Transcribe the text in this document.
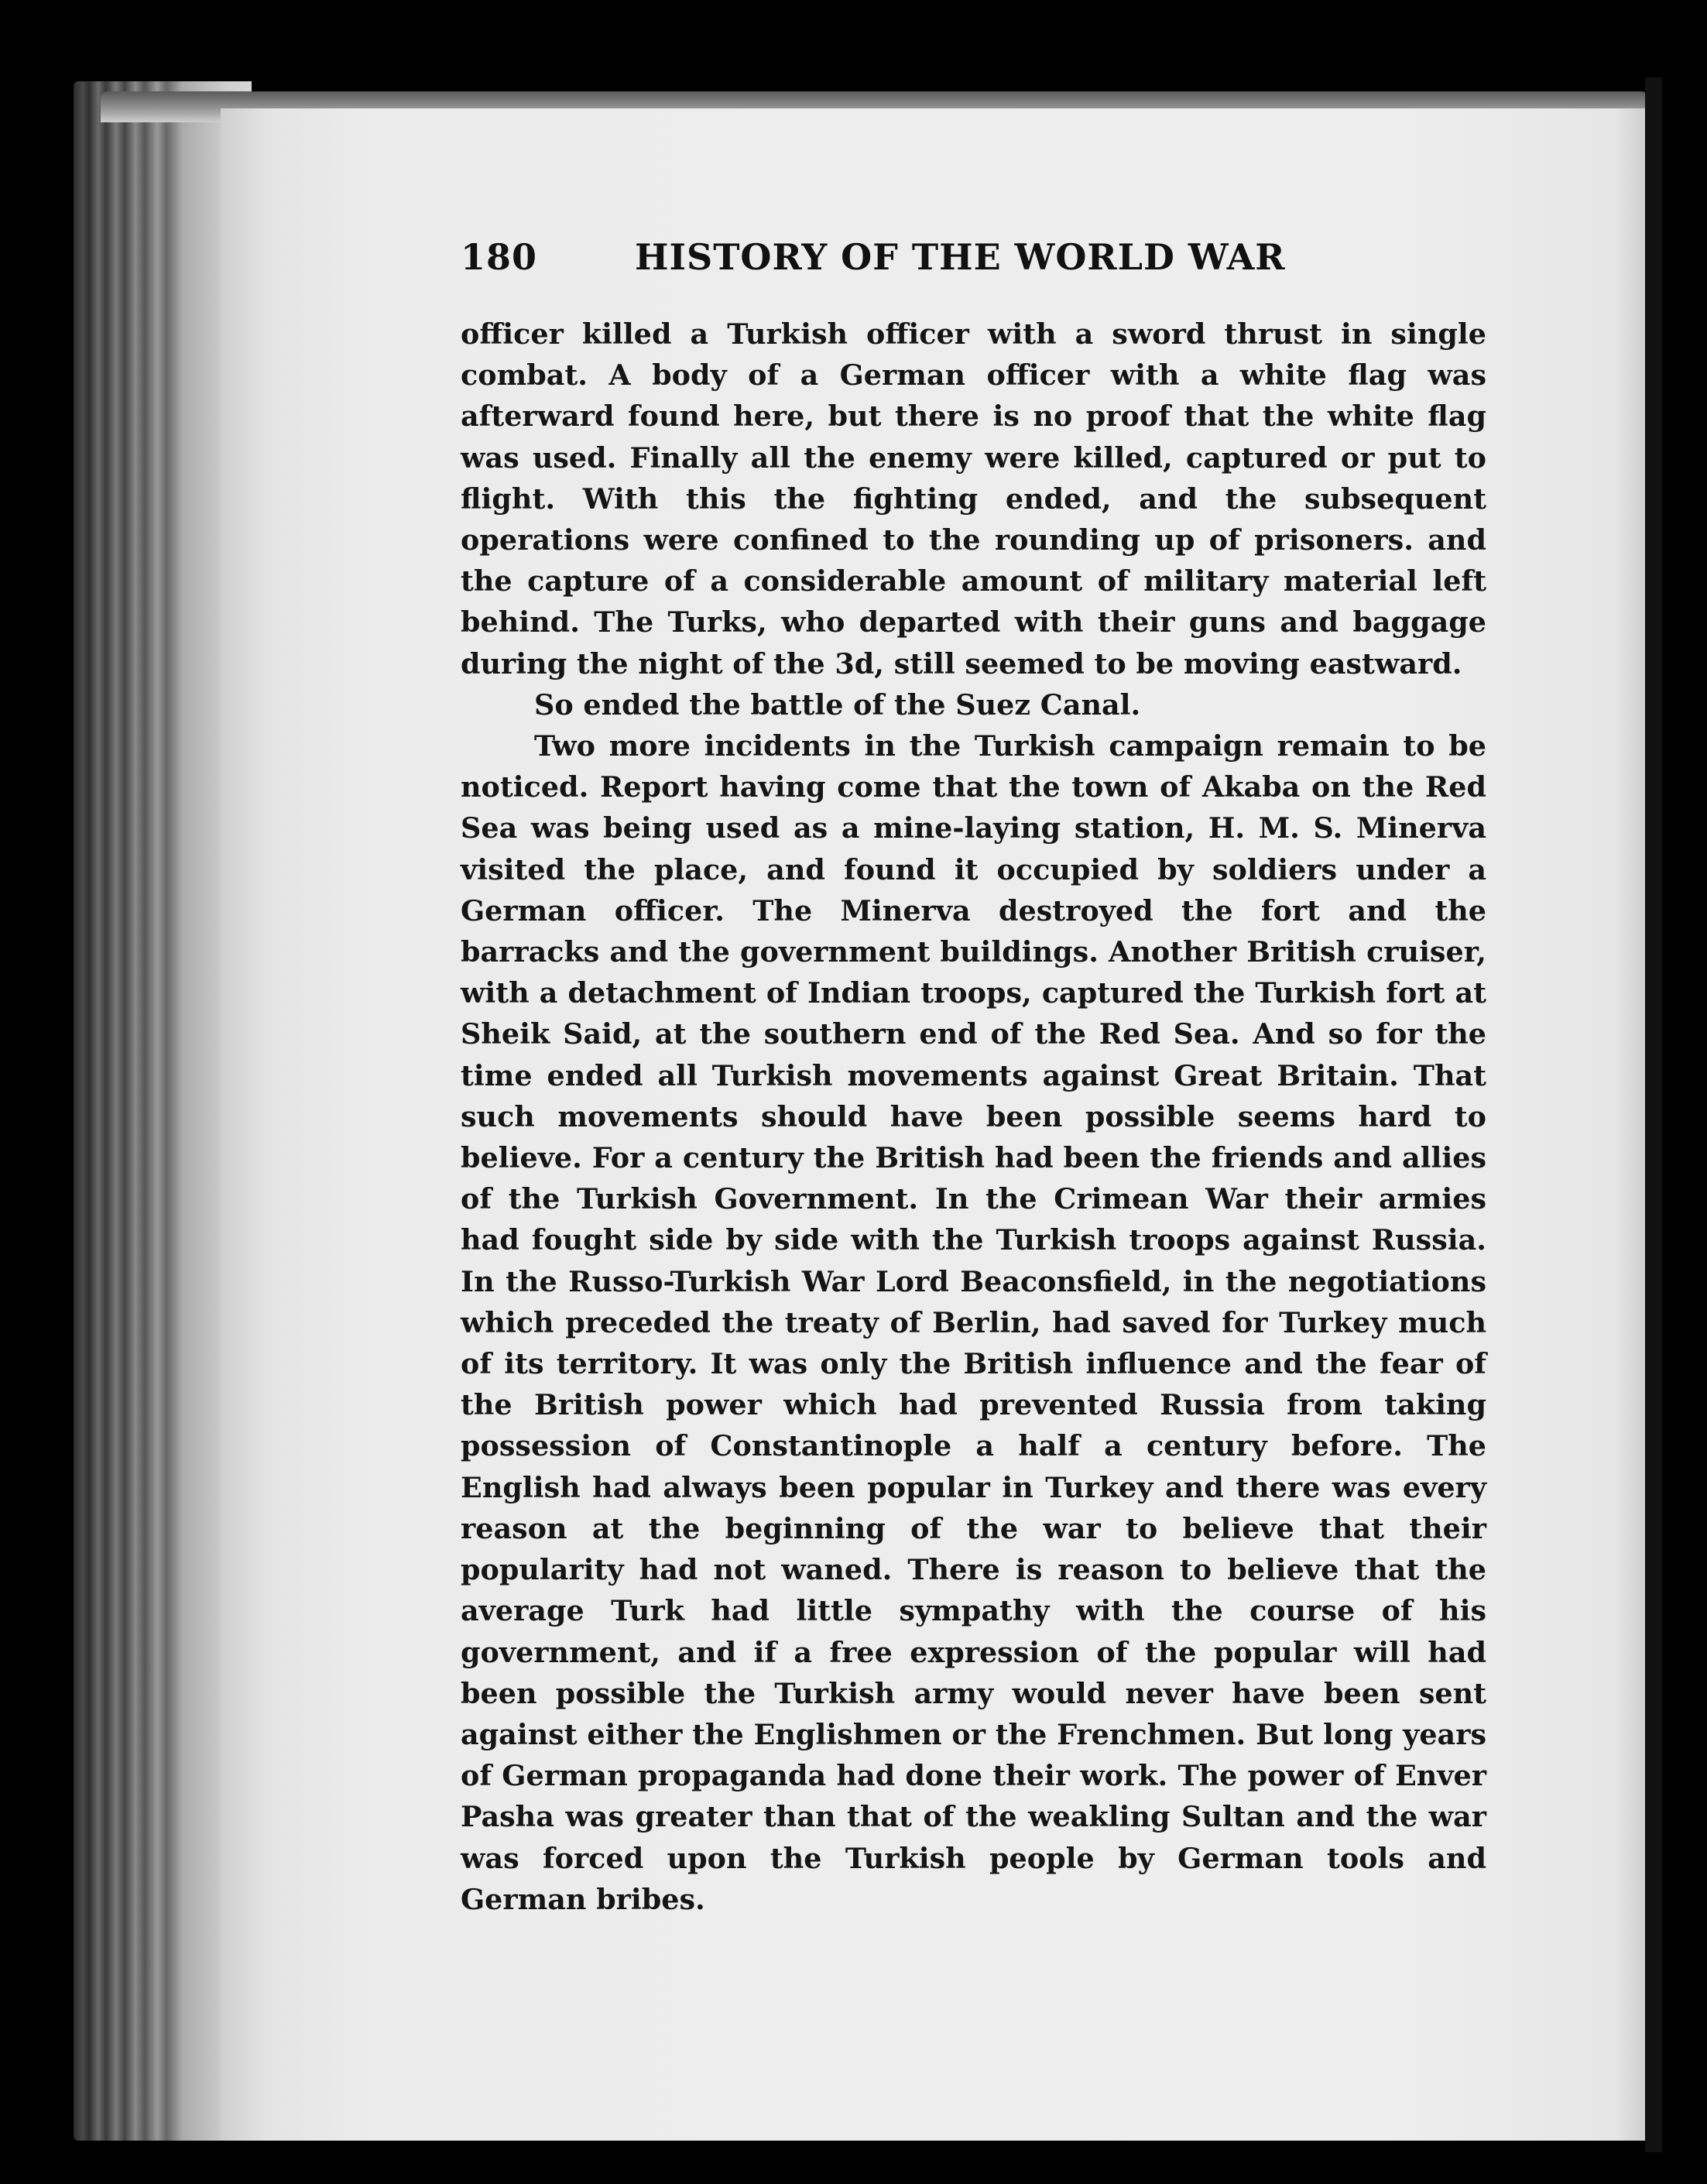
180	HISTORY OF THE WORLD WAR

officer killed a Turkish officer with a sword thrust in single combat. A body of a German officer with a white flag was afterward found here, but there is no proof that the white flag was used. Finally all the enemy were killed, captured or put to flight. With this the fighting ended, and the subsequent operations were confined to the rounding up of prisoners. and the capture of a considerable amount of military material left behind. The Turks, who departed with their guns and baggage during the night of the 3d, still seemed to be moving eastward.

So ended the battle of the Suez Canal.

Two more incidents in the Turkish campaign remain to be noticed. Report having come that the town of Akaba on the Red Sea was being used as a mine-laying station, H. M. S. Minerva visited the place, and found it occupied by soldiers under a German officer. The Minerva destroyed the fort and the barracks and the government buildings. Another British cruiser, with a detachment of Indian troops, captured the Turkish fort at Sheik Said, at the southern end of the Red Sea. And so for the time ended all Turkish movements against Great Britain. That such movements should have been possible seems hard to believe. For a century the British had been the friends and allies of the Turkish Government. In the Crimean War their armies had fought side by side with the Turkish troops against Russia. In the Russo-Turkish War Lord Beaconsfield, in the negotiations which preceded the treaty of Berlin, had saved for Turkey much of its territory. It was only the British influence and the fear of the British power which had prevented Russia from taking possession of Constantinople a half a century before. The English had always been popular in Turkey and there was every reason at the beginning of the war to believe that their popularity had not waned. There is reason to believe that the average Turk had little sympathy with the course of his government, and if a free expression of the popular will had been possible the Turkish army would never have been sent against either the Englishmen or the Frenchmen. But long years of German propaganda had done their work. The power of Enver Pasha was greater than that of the weakling Sultan and the war was forced upon the Turkish people by German tools and German bribes.
